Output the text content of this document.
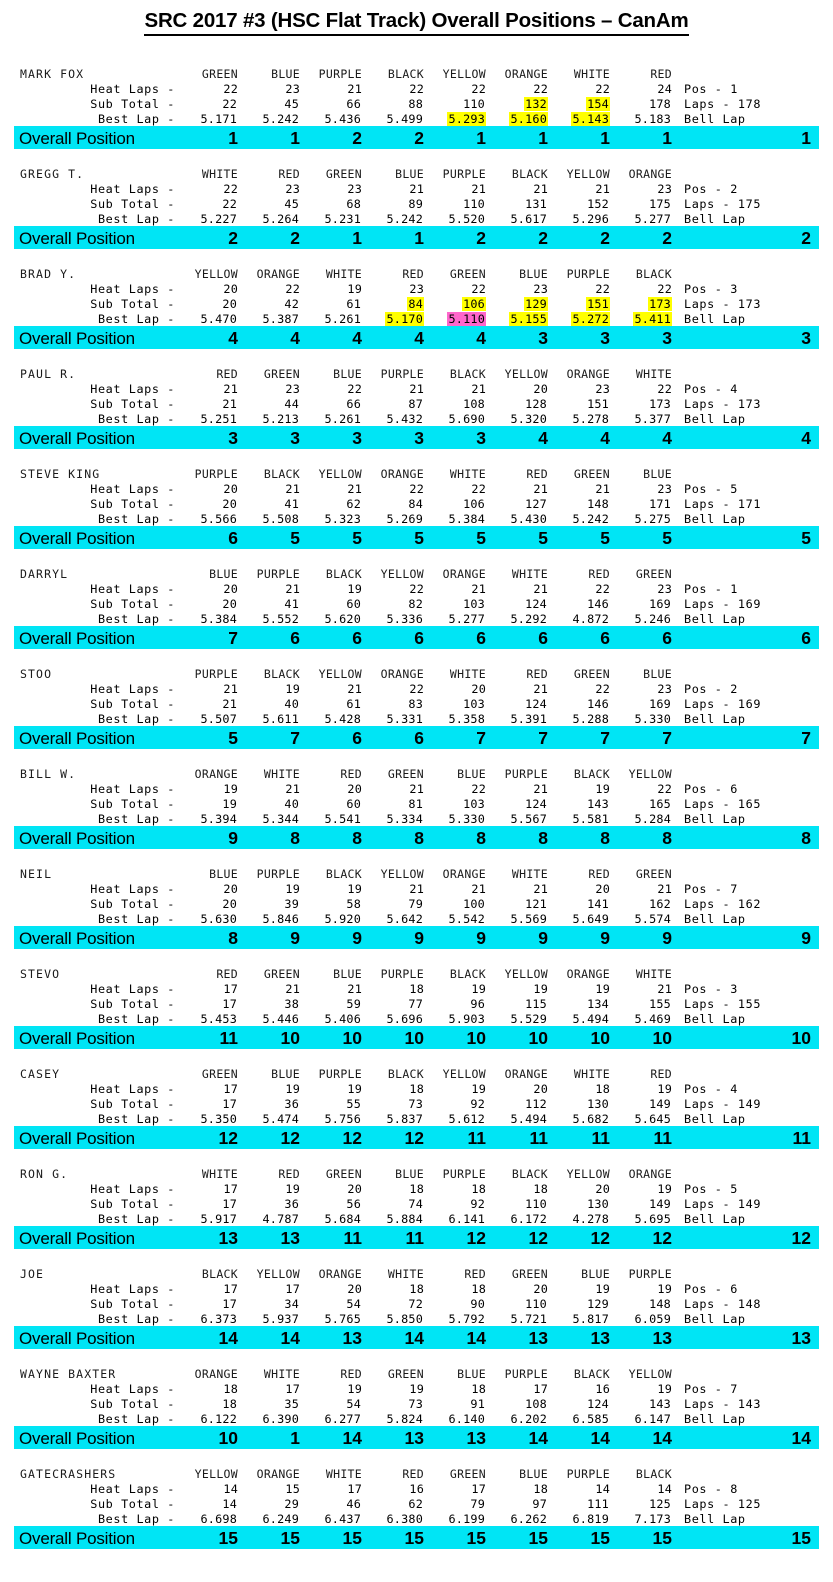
SRC 2017 #3 (HSC Flat Track) Overall Positions – CanAm
MARK FOX	GREEN	BLUE	PURPLE	BLACK	YELLOW	ORANGE	WHITE	RED	
Heat Laps -	22	23	21	22	22	22	22	24	Pos - 1
Sub Total -	22	45	66	88	110	132	154	178	Laps - 178
Best Lap -	5.171	5.242	5.436	5.499	5.293	5.160	5.143	5.183	Bell Lap
Overall Position	1	1	2	2	1	1	1	1	1
GREGG T.	WHITE	RED	GREEN	BLUE	PURPLE	BLACK	YELLOW	ORANGE	
Heat Laps -	22	23	23	21	21	21	21	23	Pos - 2
Sub Total -	22	45	68	89	110	131	152	175	Laps - 175
Best Lap -	5.227	5.264	5.231	5.242	5.520	5.617	5.296	5.277	Bell Lap
Overall Position	2	2	1	1	2	2	2	2	2
BRAD Y.	YELLOW	ORANGE	WHITE	RED	GREEN	BLUE	PURPLE	BLACK	
Heat Laps -	20	22	19	23	22	23	22	22	Pos - 3
Sub Total -	20	42	61	84	106	129	151	173	Laps - 173
Best Lap -	5.470	5.387	5.261	5.170	5.110	5.155	5.272	5.411	Bell Lap
Overall Position	4	4	4	4	4	3	3	3	3
PAUL R.	RED	GREEN	BLUE	PURPLE	BLACK	YELLOW	ORANGE	WHITE	
Heat Laps -	21	23	22	21	21	20	23	22	Pos - 4
Sub Total -	21	44	66	87	108	128	151	173	Laps - 173
Best Lap -	5.251	5.213	5.261	5.432	5.690	5.320	5.278	5.377	Bell Lap
Overall Position	3	3	3	3	3	4	4	4	4
STEVE KING	PURPLE	BLACK	YELLOW	ORANGE	WHITE	RED	GREEN	BLUE	
Heat Laps -	20	21	21	22	22	21	21	23	Pos - 5
Sub Total -	20	41	62	84	106	127	148	171	Laps - 171
Best Lap -	5.566	5.508	5.323	5.269	5.384	5.430	5.242	5.275	Bell Lap
Overall Position	6	5	5	5	5	5	5	5	5
DARRYL	BLUE	PURPLE	BLACK	YELLOW	ORANGE	WHITE	RED	GREEN	
Heat Laps -	20	21	19	22	21	21	22	23	Pos - 1
Sub Total -	20	41	60	82	103	124	146	169	Laps - 169
Best Lap -	5.384	5.552	5.620	5.336	5.277	5.292	4.872	5.246	Bell Lap
Overall Position	7	6	6	6	6	6	6	6	6
STOO	PURPLE	BLACK	YELLOW	ORANGE	WHITE	RED	GREEN	BLUE	
Heat Laps -	21	19	21	22	20	21	22	23	Pos - 2
Sub Total -	21	40	61	83	103	124	146	169	Laps - 169
Best Lap -	5.507	5.611	5.428	5.331	5.358	5.391	5.288	5.330	Bell Lap
Overall Position	5	7	6	6	7	7	7	7	7
BILL W.	ORANGE	WHITE	RED	GREEN	BLUE	PURPLE	BLACK	YELLOW	
Heat Laps -	19	21	20	21	22	21	19	22	Pos - 6
Sub Total -	19	40	60	81	103	124	143	165	Laps - 165
Best Lap -	5.394	5.344	5.541	5.334	5.330	5.567	5.581	5.284	Bell Lap
Overall Position	9	8	8	8	8	8	8	8	8
NEIL	BLUE	PURPLE	BLACK	YELLOW	ORANGE	WHITE	RED	GREEN	
Heat Laps -	20	19	19	21	21	21	20	21	Pos - 7
Sub Total -	20	39	58	79	100	121	141	162	Laps - 162
Best Lap -	5.630	5.846	5.920	5.642	5.542	5.569	5.649	5.574	Bell Lap
Overall Position	8	9	9	9	9	9	9	9	9
STEVO	RED	GREEN	BLUE	PURPLE	BLACK	YELLOW	ORANGE	WHITE	
Heat Laps -	17	21	21	18	19	19	19	21	Pos - 3
Sub Total -	17	38	59	77	96	115	134	155	Laps - 155
Best Lap -	5.453	5.446	5.406	5.696	5.903	5.529	5.494	5.469	Bell Lap
Overall Position	11	10	10	10	10	10	10	10	10
CASEY	GREEN	BLUE	PURPLE	BLACK	YELLOW	ORANGE	WHITE	RED	
Heat Laps -	17	19	19	18	19	20	18	19	Pos - 4
Sub Total -	17	36	55	73	92	112	130	149	Laps - 149
Best Lap -	5.350	5.474	5.756	5.837	5.612	5.494	5.682	5.645	Bell Lap
Overall Position	12	12	12	12	11	11	11	11	11
RON G.	WHITE	RED	GREEN	BLUE	PURPLE	BLACK	YELLOW	ORANGE	
Heat Laps -	17	19	20	18	18	18	20	19	Pos - 5
Sub Total -	17	36	56	74	92	110	130	149	Laps - 149
Best Lap -	5.917	4.787	5.684	5.884	6.141	6.172	4.278	5.695	Bell Lap
Overall Position	13	13	11	11	12	12	12	12	12
JOE	BLACK	YELLOW	ORANGE	WHITE	RED	GREEN	BLUE	PURPLE	
Heat Laps -	17	17	20	18	18	20	19	19	Pos - 6
Sub Total -	17	34	54	72	90	110	129	148	Laps - 148
Best Lap -	6.373	5.937	5.765	5.850	5.792	5.721	5.817	6.059	Bell Lap
Overall Position	14	14	13	14	14	13	13	13	13
WAYNE BAXTER	ORANGE	WHITE	RED	GREEN	BLUE	PURPLE	BLACK	YELLOW	
Heat Laps -	18	17	19	19	18	17	16	19	Pos - 7
Sub Total -	18	35	54	73	91	108	124	143	Laps - 143
Best Lap -	6.122	6.390	6.277	5.824	6.140	6.202	6.585	6.147	Bell Lap
Overall Position	10	1	14	13	13	14	14	14	14
GATECRASHERS	YELLOW	ORANGE	WHITE	RED	GREEN	BLUE	PURPLE	BLACK	
Heat Laps -	14	15	17	16	17	18	14	14	Pos - 8
Sub Total -	14	29	46	62	79	97	111	125	Laps - 125
Best Lap -	6.698	6.249	6.437	6.380	6.199	6.262	6.819	7.173	Bell Lap
Overall Position	15	15	15	15	15	15	15	15	15
